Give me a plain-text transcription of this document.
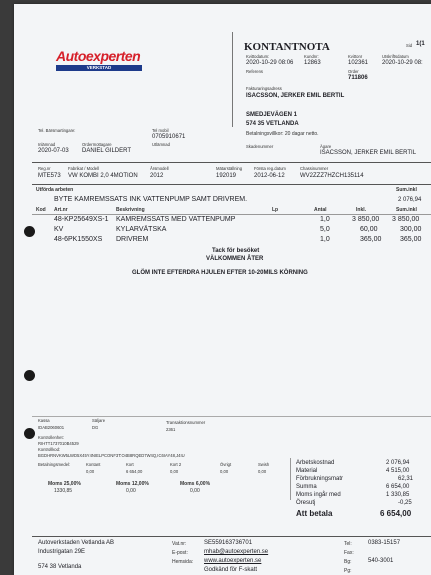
Autoexperten
VERKSTAD
KONTANTNOTA	Sid 1(1
Kvittodatum:
2020-10-29 08:06
Kundnr:
12863
Kvittonr
102361
Utskriftsdatum
2020-10-29 08:
Referens	Order
711806
Fakturaringsadress
ISACSSON, JERKER EMIL BERTIL
SMEDJEVÄGEN 1
574 35 VETLANDA
Betalningsvillkor: 20 dagar netto.
Tel. Bärsmartingare:	Tel mobil
0705910671
Inlämnad
2020-07-03
Ordermottagare
DANIEL GILDERT
Utlämnad	Skadenummer	Ägare
ISACSSON, JERKER EMIL BERTIL
Reg.nr	Fabrikat / Modell	Årsmodell	Mätarställning	Första reg.datum	Chassinummer
MTE573 VW KOMBI 2,0 4MOTION 2012	192019	2012-06-12	WV2ZZZ7HZCH135114
Utförda arbeten	Sum.inkl
BYTE KAMREMSSATS INK VATTENPUMP SAMT DRIVREM.	2 076,94
Kod Art.nr	Beskrivning	Lp	Antal	Inkl.	Sum.inkl
48-KP25649XS-1 KAMREMSSATS MED VATTENPUMP	1,0	3 850,00 3 850,00
KV	KYLARVÄTSKA	5,0	60,00	300,00
48-6PK1550XS DRIVREM	1,0	365,00	365,00
Tack för besöket
VÄLKOMMEN ÅTER
GLÖM INTE EFTERDRA HJULEN EFTER 10-20MILS KÖRNING
Kassa
IDAB2060601
Säljare
DG
Transaktionsnummer
2361
Kontrollenhet:
RIHTT1737010B4529
Kontrollkod:
BGDHRNVKW5LWD5X45Y4NIELPCONF3T:O4B8RQED7W4Q,IC6IAY48,J4IU
Betalningsmedel:	Kontant	Kort	Kort 2	Övrigt	Swish
0,00	6 654,00	0,00	0,00	0,00
Moms 25,00%	Moms 12,00%	Moms 6,00%
1330,85	0,00	0,00
Arbetskostnad	2 076,94
Material	4 515,00
Förbrukningsmatr	62,31
Summa	6 654,00
Moms ingår med	1 330,85
Öresutj	-0,25
Att betala	6 654,00
Autoverkstaden Vetlanda AB
Industrigatan 29E
574 38 Vetlanda
Vat.nr:	SE559163736701
E-post:	mhab@autoexperten.se
Hemsida: www.autoexperten.se
Godkänd för F-skatt
Tel:	0383-15157
Fax:
Bg:	540-3001
Pg:
